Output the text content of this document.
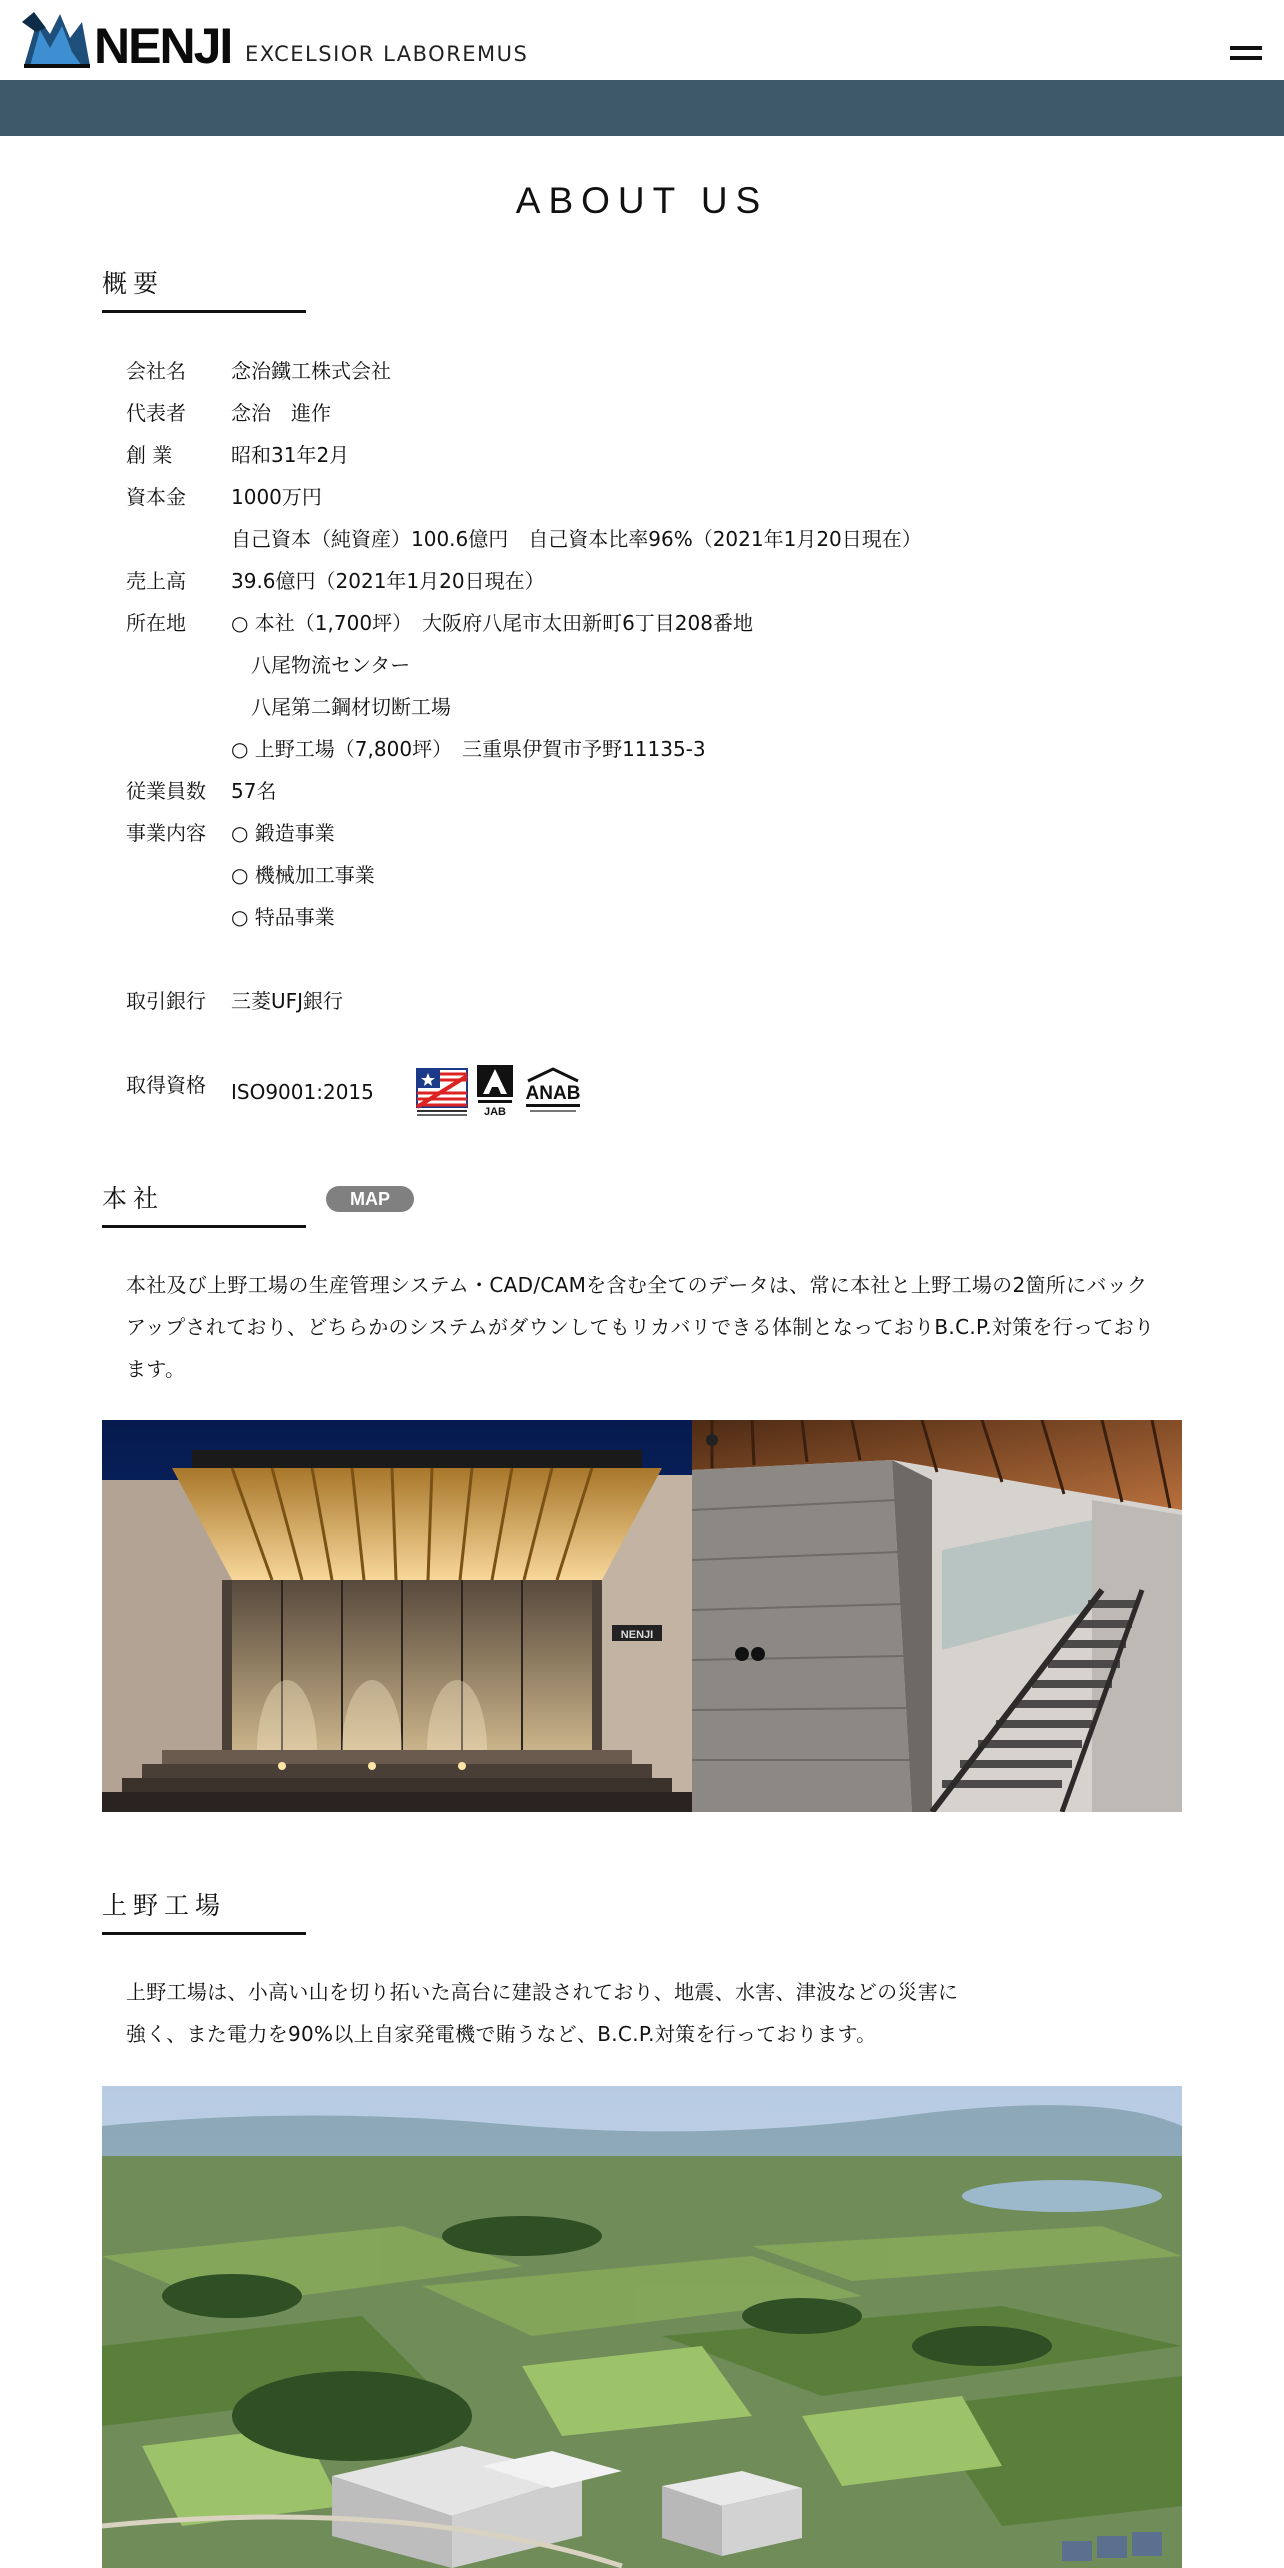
NENJI EXCELSIOR LABOREMUS
ABOUT US
概要
会社名	念治鐵工株式会社
代表者	念治　進作
創 業	昭和31年2月
資本金	1000万円
自己資本（純資産）100.6億円　自己資本比率96%（2021年1月20日現在）
売上高	39.6億円（2021年1月20日現在）
所在地	○ 本社（1,700坪）　大阪府八尾市太田新町6丁目208番地
八尾物流センター
八尾第二鋼材切断工場
○ 上野工場（7,800坪）　三重県伊賀市予野11135-3
従業員数	57名
事業内容	○ 鍛造事業
○ 機械加工事業
○ 特品事業
取引銀行	三菱UFJ銀行
取得資格	ISO9001:2015
JAB
ANAB
本社	MAP
本社及び上野工場の生産管理システム・CAD/CAMを含む全てのデータは、常に本社と上野工場の2箇所にバックアップされており、どちらかのシステムがダウンしてもリカバリできる体制となっておりB.C.P.対策を行っております。
NENJI
上野工場
上野工場は、小高い山を切り拓いた高台に建設されており、地震、水害、津波などの災害に
強く、また電力を90%以上自家発電機で賄うなど、B.C.P.対策を行っております。
